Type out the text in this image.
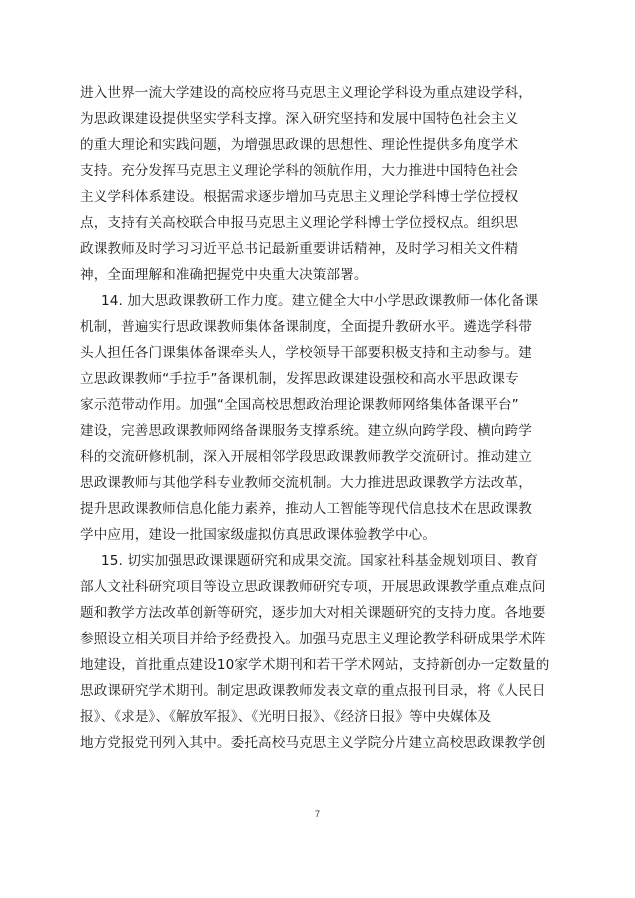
进入世界一流大学建设的高校应将马克思主义理论学科设为重点建设学科，
为思政课建设提供坚实学科支撑。深入研究坚持和发展中国特色社会主义
的重大理论和实践问题，为增强思政课的思想性、理论性提供多角度学术
支持。充分发挥马克思主义理论学科的领航作用，大力推进中国特色社会
主义学科体系建设。根据需求逐步增加马克思主义理论学科博士学位授权
点，支持有关高校联合申报马克思主义理论学科博士学位授权点。组织思
政课教师及时学习习近平总书记最新重要讲话精神，及时学习相关文件精
神，全面理解和准确把握党中央重大决策部署。
14. 加大思政课教研工作力度。建立健全大中小学思政课教师一体化备课
机制，普遍实行思政课教师集体备课制度，全面提升教研水平。遴选学科带
头人担任各门课集体备课牵头人，学校领导干部要积极支持和主动参与。建
立思政课教师“手拉手”备课机制，发挥思政课建设强校和高水平思政课专
家示范带动作用。加强“全国高校思想政治理论课教师网络集体备课平台”
建设，完善思政课教师网络备课服务支撑系统。建立纵向跨学段、横向跨学
科的交流研修机制，深入开展相邻学段思政课教师教学交流研讨。推动建立
思政课教师与其他学科专业教师交流机制。大力推进思政课教学方法改革，
提升思政课教师信息化能力素养，推动人工智能等现代信息技术在思政课教
学中应用，建设一批国家级虚拟仿真思政课体验教学中心。
15. 切实加强思政课课题研究和成果交流。国家社科基金规划项目、教育
部人文社科研究项目等设立思政课教师研究专项，开展思政课教学重点难点问
题和教学方法改革创新等研究，逐步加大对相关课题研究的支持力度。各地要
参照设立相关项目并给予经费投入。加强马克思主义理论教学科研成果学术阵
地建设，首批重点建设10家学术期刊和若干学术网站，支持新创办一定数量的
思政课研究学术期刊。制定思政课教师发表文章的重点报刊目录，将《人民日
报》、《求是》、《解放军报》、《光明日报》、《经济日报》等中央媒体及
地方党报党刊列入其中。委托高校马克思主义学院分片建立高校思政课教学创
7
